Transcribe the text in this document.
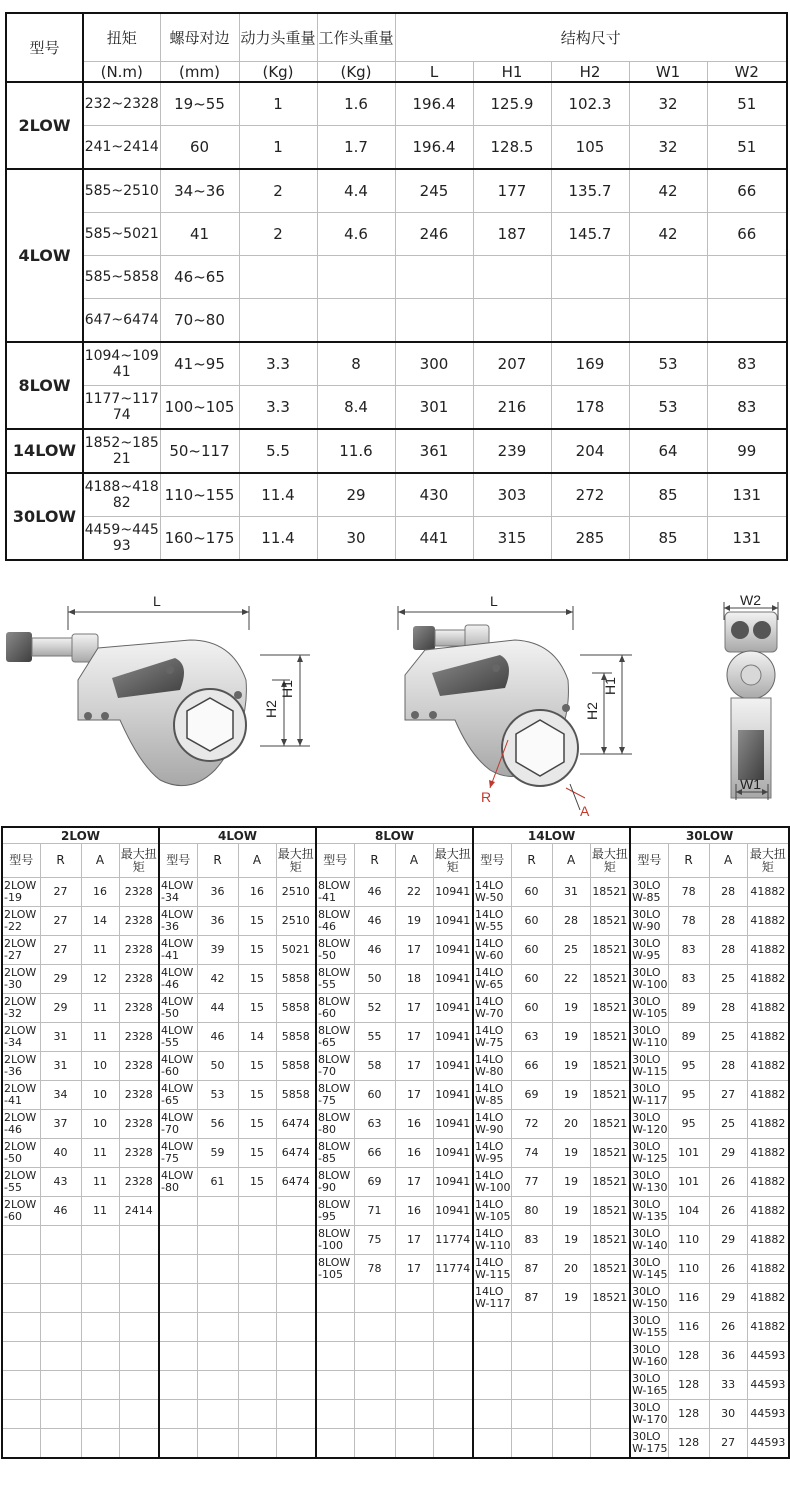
型号	扭矩	螺母对边	动力头重量	工作头重量	结构尺寸				
	(N.m)	(mm)	(Kg)	(Kg)	L	H1	H2	W1	W2
2LOW	232~2328	19~55	1	1.6	196.4	125.9	102.3	32	51
	241~2414	60	1	1.7	196.4	128.5	105	32	51
4LOW	585~2510	34~36	2	4.4	245	177	135.7	42	66
	585~5021	41	2	4.6	246	187	145.7	42	66
	585~5858	46~65							
	647~6474	70~80							
8LOW	1094~10941	41~95	3.3	8	300	207	169	53	83
	1177~11774	100~105	3.3	8.4	301	216	178	53	83
14LOW	1852~18521	50~117	5.5	11.6	361	239	204	64	99
30LOW	4188~41882	110~155	11.4	29	430	303	272	85	131
	4459~44593	160~175	11.4	30	441	315	285	85	131
L
H2
H1
L
R
A
H2
H1
W2
W1
2LOW				4LOW				8LOW				14LOW				30LOW			
型号	R	A	最大扭矩	型号	R	A	最大扭矩	型号	R	A	最大扭矩	型号	R	A	最大扭矩	型号	R	A	最大扭矩
2LOW-19	27	16	2328	4LOW-34	36	16	2510	8LOW-41	46	22	10941	14LOW-50	60	31	18521	30LOW-85	78	28	41882
2LOW-22	27	14	2328	4LOW-36	36	15	2510	8LOW-46	46	19	10941	14LOW-55	60	28	18521	30LOW-90	78	28	41882
2LOW-27	27	11	2328	4LOW-41	39	15	5021	8LOW-50	46	17	10941	14LOW-60	60	25	18521	30LOW-95	83	28	41882
2LOW-30	29	12	2328	4LOW-46	42	15	5858	8LOW-55	50	18	10941	14LOW-65	60	22	18521	30LOW-100	83	25	41882
2LOW-32	29	11	2328	4LOW-50	44	15	5858	8LOW-60	52	17	10941	14LOW-70	60	19	18521	30LOW-105	89	28	41882
2LOW-34	31	11	2328	4LOW-55	46	14	5858	8LOW-65	55	17	10941	14LOW-75	63	19	18521	30LOW-110	89	25	41882
2LOW-36	31	10	2328	4LOW-60	50	15	5858	8LOW-70	58	17	10941	14LOW-80	66	19	18521	30LOW-115	95	28	41882
2LOW-41	34	10	2328	4LOW-65	53	15	5858	8LOW-75	60	17	10941	14LOW-85	69	19	18521	30LOW-117	95	27	41882
2LOW-46	37	10	2328	4LOW-70	56	15	6474	8LOW-80	63	16	10941	14LOW-90	72	20	18521	30LOW-120	95	25	41882
2LOW-50	40	11	2328	4LOW-75	59	15	6474	8LOW-85	66	16	10941	14LOW-95	74	19	18521	30LOW-125	101	29	41882
2LOW-55	43	11	2328	4LOW-80	61	15	6474	8LOW-90	69	17	10941	14LOW-100	77	19	18521	30LOW-130	101	26	41882
2LOW-60	46	11	2414					8LOW-95	71	16	10941	14LOW-105	80	19	18521	30LOW-135	104	26	41882
								8LOW-100	75	17	11774	14LOW-110	83	19	18521	30LOW-140	110	29	41882
								8LOW-105	78	17	11774	14LOW-115	87	20	18521	30LOW-145	110	26	41882
												14LOW-117	87	19	18521	30LOW-150	116	29	41882
																30LOW-155	116	26	41882
																30LOW-160	128	36	44593
																30LOW-165	128	33	44593
																30LOW-170	128	30	44593
																30LOW-175	128	27	44593
